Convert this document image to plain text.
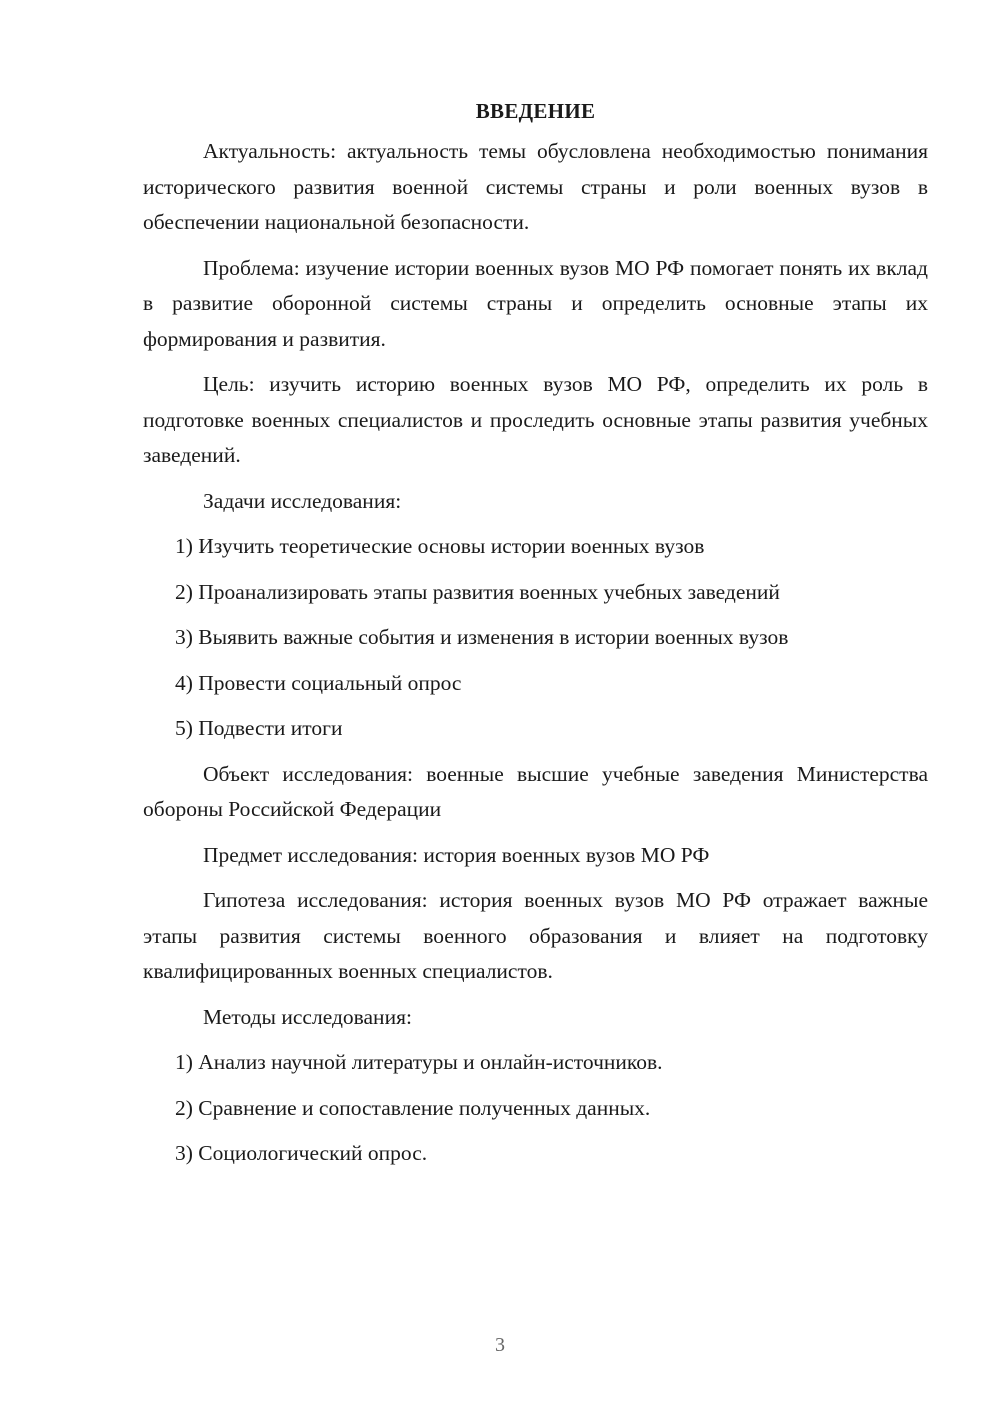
ВВЕДЕНИЕ

Актуальность: актуальность темы обусловлена необходимостью понимания исторического развития военной системы страны и роли военных вузов в обеспечении национальной безопасности.

Проблема: изучение истории военных вузов МО РФ помогает понять их вклад в развитие оборонной системы страны и определить основные этапы их формирования и развития.

Цель: изучить историю военных вузов МО РФ, определить их роль в подготовке военных специалистов и проследить основные этапы развития учебных заведений.

Задачи исследования:
1) Изучить теоретические основы истории военных вузов
2) Проанализировать этапы развития военных учебных заведений
3) Выявить важные события и изменения в истории военных вузов
4) Провести социальный опрос
5) Подвести итоги

Объект исследования: военные высшие учебные заведения Министерства обороны Российской Федерации

Предмет исследования: история военных вузов МО РФ

Гипотеза исследования: история военных вузов МО РФ отражает важные этапы развития системы военного образования и влияет на подготовку квалифицированных военных специалистов.

Методы исследования:
1) Анализ научной литературы и онлайн-источников.
2) Сравнение и сопоставление полученных данных.
3) Социологический опрос.
3
